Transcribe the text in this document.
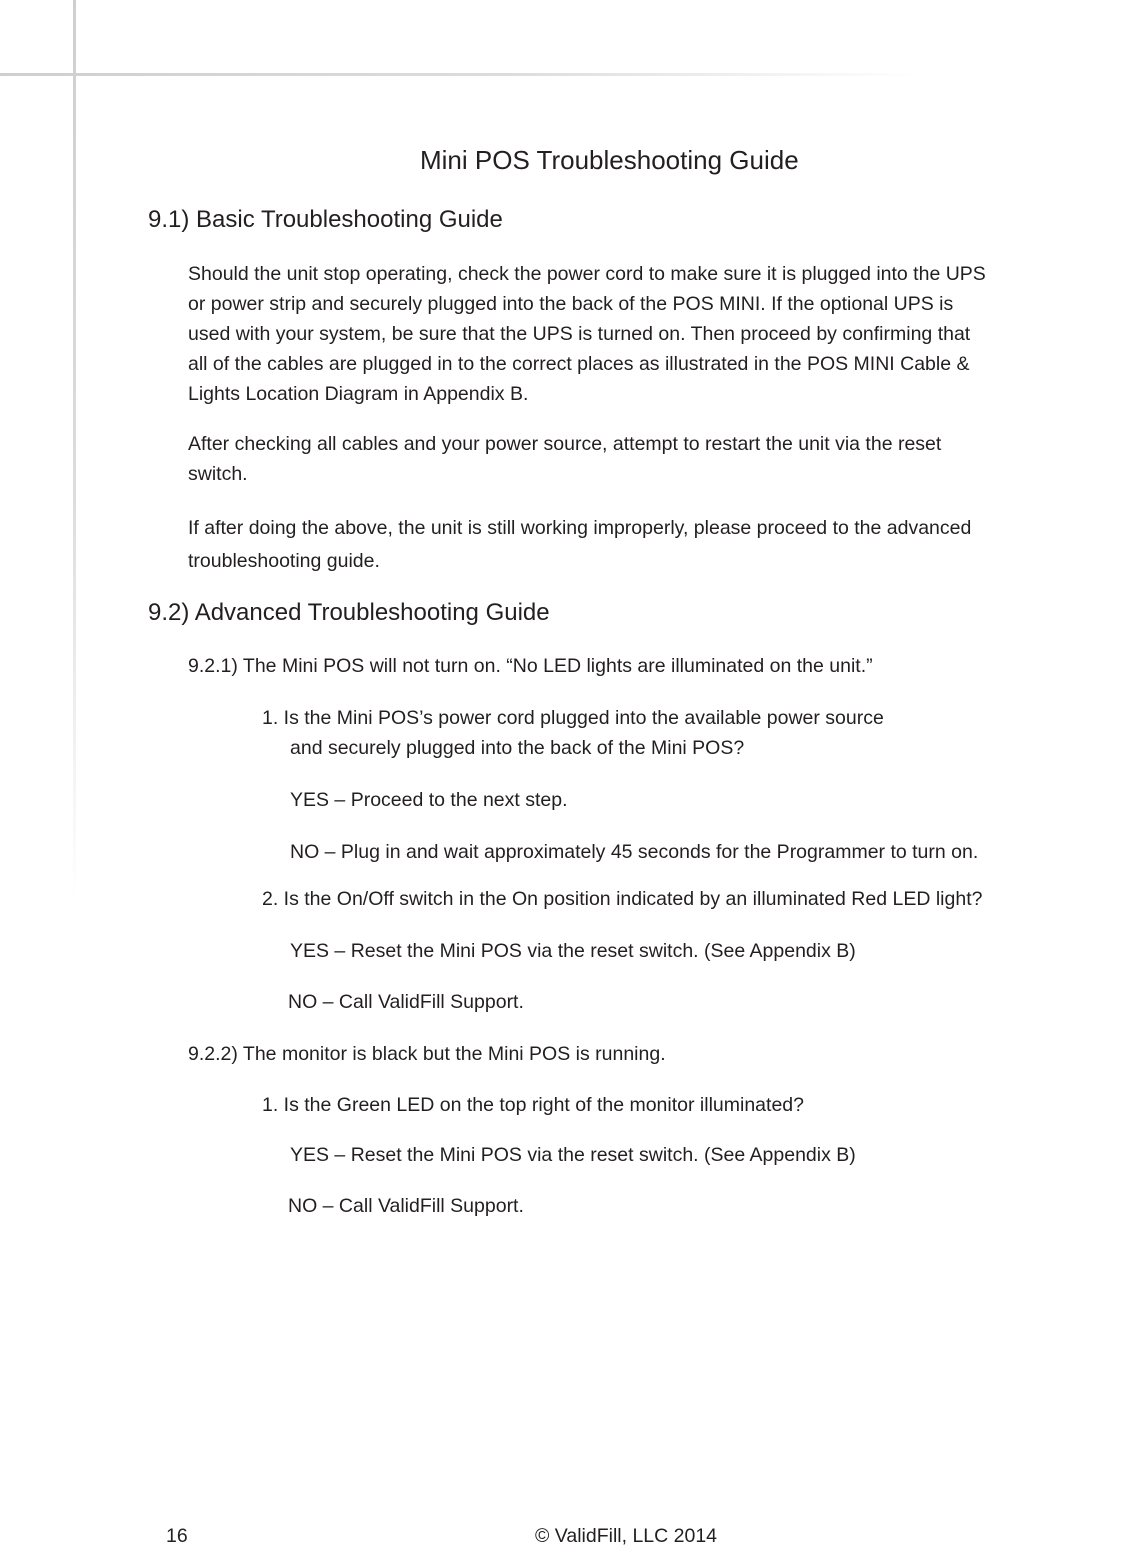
Mini POS Troubleshooting Guide
9.1) Basic Troubleshooting Guide

Should the unit stop operating, check the power cord to make sure it is plugged into the UPS
or power strip and securely plugged into the back of the POS MINI. If the optional UPS is
used with your system, be sure that the UPS is turned on. Then proceed by confirming that
all of the cables are plugged in to the correct places as illustrated in the POS MINI Cable &
Lights Location Diagram in Appendix B.

After checking all cables and your power source, attempt to restart the unit via the reset
switch.

If after doing the above, the unit is still working improperly, please proceed to the advanced
troubleshooting guide.

9.2) Advanced Troubleshooting Guide

9.2.1) The Mini POS will not turn on. “No LED lights are illuminated on the unit.”

1. Is the Mini POS’s power cord plugged into the available power source

and securely plugged into the back of the Mini POS?

YES – Proceed to the next step.

NO – Plug in and wait approximately 45 seconds for the Programmer to turn on.

2. Is the On/Off switch in the On position indicated by an illuminated Red LED light?

YES – Reset the Mini POS via the reset switch. (See Appendix B)

NO – Call ValidFill Support.

9.2.2) The monitor is black but the Mini POS is running.

1. Is the Green LED on the top right of the monitor illuminated?

YES – Reset the Mini POS via the reset switch. (See Appendix B)

NO – Call ValidFill Support.

16	© ValidFill, LLC 2014
